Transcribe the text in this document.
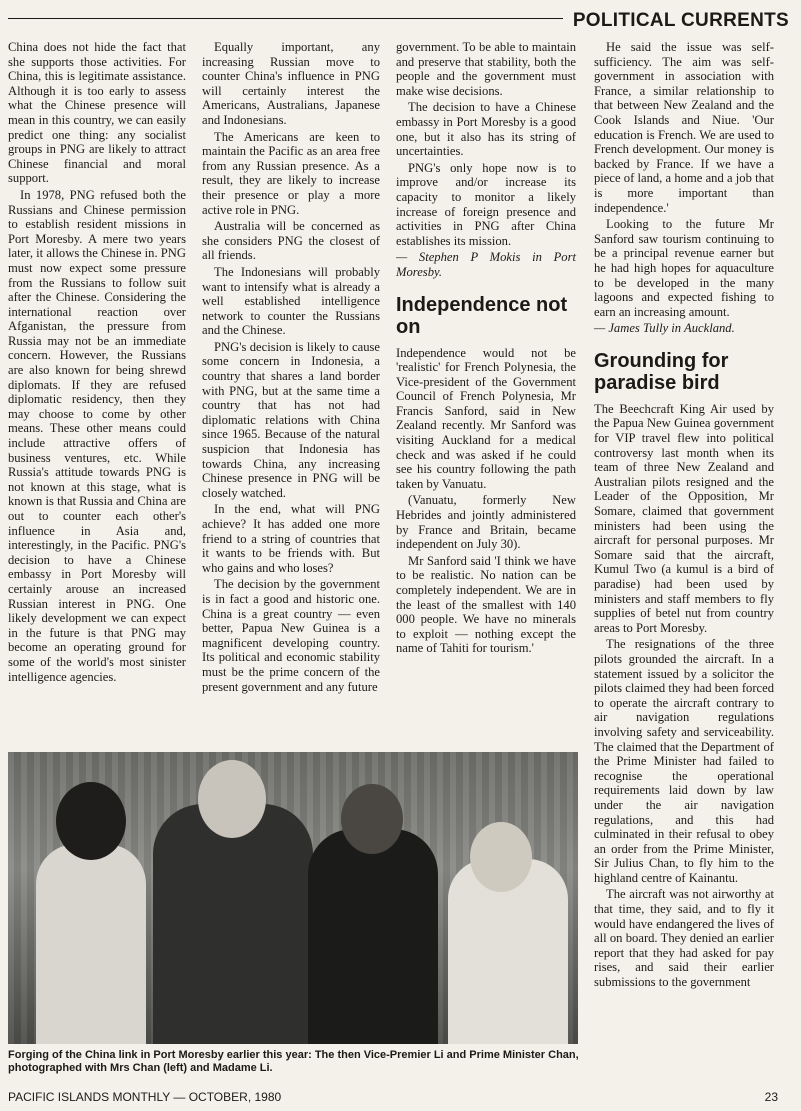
POLITICAL CURRENTS

China does not hide the fact that she supports those activities. For China, this is legitimate assistance. Although it is too early to assess what the Chinese presence will mean in this country, we can easily predict one thing: any socialist groups in PNG are likely to attract Chinese financial and moral support.

In 1978, PNG refused both the Russians and Chinese permission to establish resident missions in Port Moresby. A mere two years later, it allows the Chinese in. PNG must now expect some pressure from the Russians to follow suit after the Chinese. Considering the international reaction over Afganistan, the pressure from Russia may not be an immediate concern. However, the Russians are also known for being shrewd diplomats. If they are refused diplomatic residency, then they may choose to come by other means. These other means could include attractive offers of business ventures, etc. While Russia's attitude towards PNG is not known at this stage, what is known is that Russia and China are out to counter each other's influence in Asia and, interestingly, in the Pacific. PNG's decision to have a Chinese embassy in Port Moresby will certainly arouse an increased Russian interest in PNG. One likely development we can expect in the future is that PNG may become an operating ground for some of the world's most sinister intelligence agencies.

Equally important, any increasing Russian move to counter China's influence in PNG will certainly interest the Americans, Australians, Japanese and Indonesians.

The Americans are keen to maintain the Pacific as an area free from any Russian presence. As a result, they are likely to increase their presence or play a more active role in PNG.

Australia will be concerned as she considers PNG the closest of all friends.

The Indonesians will probably want to intensify what is already a well established intelligence network to counter the Russians and the Chinese.

PNG's decision is likely to cause some concern in Indonesia, a country that shares a land border with PNG, but at the same time a country that has not had diplomatic relations with China since 1965. Because of the natural suspicion that Indonesia has towards China, any increasing Chinese presence in PNG will be closely watched.

In the end, what will PNG achieve? It has added one more friend to a string of countries that it wants to be friends with. But who gains and who loses?

The decision by the government is in fact a good and historic one. China is a great country — even better, Papua New Guinea is a magnificent developing country. Its political and economic stability must be the prime concern of the present government and any future

government. To be able to maintain and preserve that stability, both the people and the government must make wise decisions.

The decision to have a Chinese embassy in Port Moresby is a good one, but it also has its string of uncertainties.

PNG's only hope now is to improve and/or increase its capacity to monitor a likely increase of foreign presence and activities in PNG after China establishes its mission.

— Stephen P Mokis in Port Moresby.

Independence not on

Independence would not be 'realistic' for French Polynesia, the Vice-president of the Government Council of French Polynesia, Mr Francis Sanford, said in New Zealand recently. Mr Sanford was visiting Auckland for a medical check and was asked if he could see his country following the path taken by Vanuatu.

(Vanuatu, formerly New Hebrides and jointly administered by France and Britain, became independent on July 30).

Mr Sanford said 'I think we have to be realistic. No nation can be completely independent. We are in the least of the smallest with 140 000 people. We have no minerals to exploit — nothing except the name of Tahiti for tourism.'

He said the issue was self-sufficiency. The aim was self-government in association with France, a similar relationship to that between New Zealand and the Cook Islands and Niue. 'Our education is French. We are used to French development. Our money is backed by France. If we have a piece of land, a home and a job that is more important than independence.'

Looking to the future Mr Sanford saw tourism continuing to be a principal revenue earner but he had high hopes for aquaculture to be developed in the many lagoons and expected fishing to earn an increasing amount.

— James Tully in Auckland.

Grounding for paradise bird

The Beechcraft King Air used by the Papua New Guinea government for VIP travel flew into political controversy last month when its team of three New Zealand and Australian pilots resigned and the Leader of the Opposition, Mr Somare, claimed that government ministers had been using the aircraft for personal purposes. Mr Somare said that the aircraft, Kumul Two (a kumul is a bird of paradise) had been used by ministers and staff members to fly supplies of betel nut from country areas to Port Moresby.

The resignations of the three pilots grounded the aircraft. In a statement issued by a solicitor the pilots claimed they had been forced to operate the aircraft contrary to air navigation regulations involving safety and serviceability. The claimed that the Department of the Prime Minister had failed to recognise the operational requirements laid down by law under the air navigation regulations, and this had culminated in their refusal to obey an order from the Prime Minister, Sir Julius Chan, to fly him to the highland centre of Kainantu.

The aircraft was not airworthy at that time, they said, and to fly it would have endangered the lives of all on board. They denied an earlier report that they had asked for pay rises, and said their earlier submissions to the government

Forging of the China link in Port Moresby earlier this year: The then Vice-Premier Li and Prime Minister Chan, photographed with Mrs Chan (left) and Madame Li.

PACIFIC ISLANDS MONTHLY — OCTOBER, 1980	23
